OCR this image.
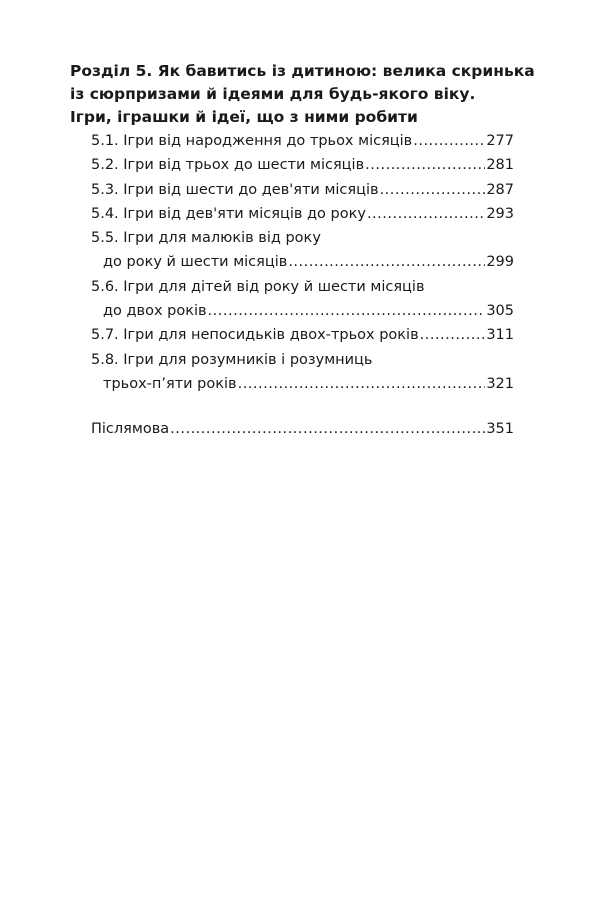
Розділ 5. Як бавитись із дитиною: велика скринька
із сюрпризами й ідеями для будь-якого віку.
Ігри, іграшки й ідеї, що з ними робити
5.1. Ігри від народження до трьох місяців .....	277
5.2. Ігри від трьох до шести місяців .....	281
5.3. Ігри від шести до дев'яти місяців .....	287
5.4. Ігри від дев'яти місяців до року .....	293
5.5. Ігри для малюків від року
до року й шести місяців .....	299
5.6. Ігри для дітей від року й шести місяців
до двох років .....	305
5.7. Ігри для непосидьків двох-трьох років .....	311
5.8. Ігри для розумників і розумниць
трьох-п’яти років .....	321
Післямова .....	351
